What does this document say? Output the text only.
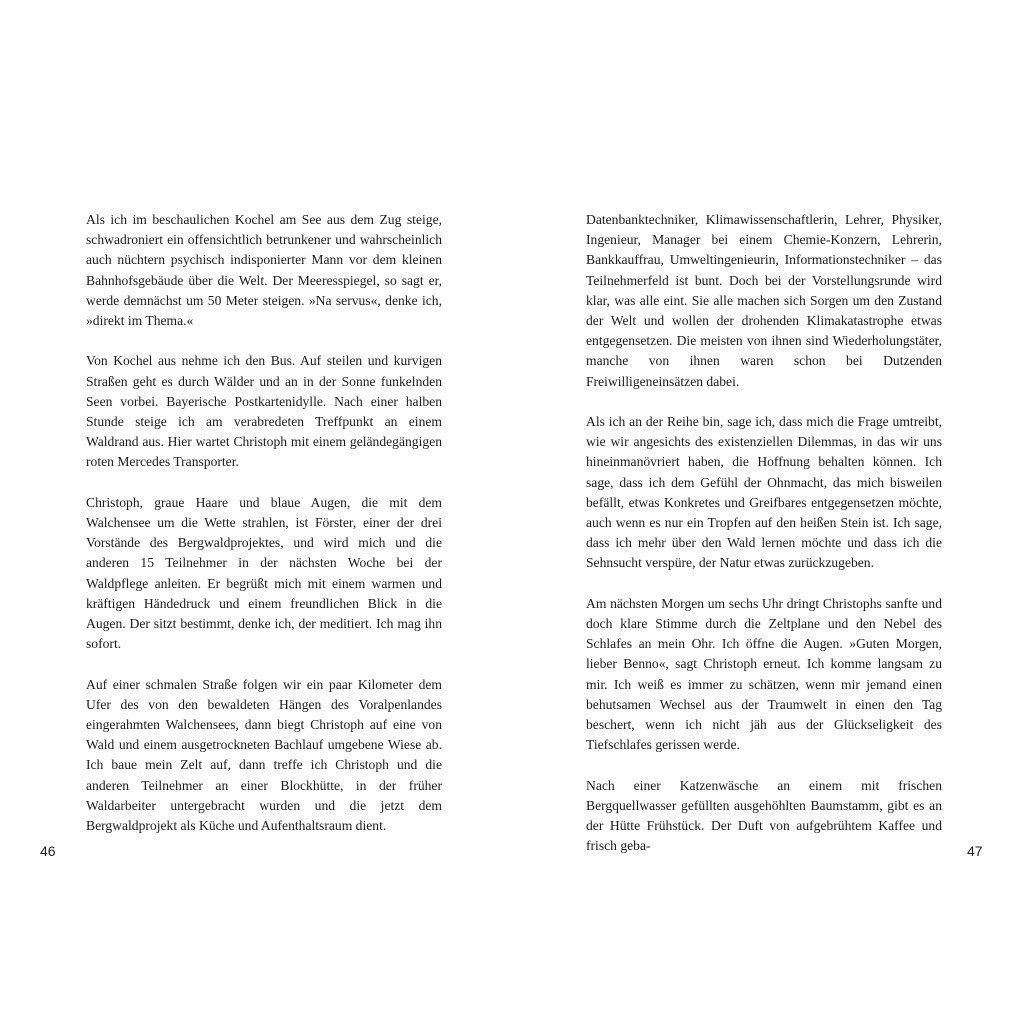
Als ich im beschaulichen Kochel am See aus dem Zug steige, schwadroniert ein offensichtlich betrunkener und wahrscheinlich auch nüchtern psychisch indisponierter Mann vor dem kleinen Bahnhofsgebäude über die Welt. Der Meeresspiegel, so sagt er, werde demnächst um 50 Meter steigen. »Na servus«, denke ich, »direkt im Thema.«

Von Kochel aus nehme ich den Bus. Auf steilen und kurvigen Straßen geht es durch Wälder und an in der Sonne funkelnden Seen vorbei. Bayerische Postkartenidylle. Nach einer halben Stunde steige ich am verabredeten Treffpunkt an einem Waldrand aus. Hier wartet Christoph mit einem geländegängigen roten Mercedes Transporter.

Christoph, graue Haare und blaue Augen, die mit dem Walchensee um die Wette strahlen, ist Förster, einer der drei Vorstände des Bergwaldprojektes, und wird mich und die anderen 15 Teilnehmer in der nächsten Woche bei der Waldpflege anleiten. Er begrüßt mich mit einem warmen und kräftigen Händedruck und einem freundlichen Blick in die Augen. Der sitzt bestimmt, denke ich, der meditiert. Ich mag ihn sofort.

Auf einer schmalen Straße folgen wir ein paar Kilometer dem Ufer des von den bewaldeten Hängen des Voralpenlandes eingerahmten Walchensees, dann biegt Christoph auf eine von Wald und einem ausgetrockneten Bachlauf umgebene Wiese ab. Ich baue mein Zelt auf, dann treffe ich Christoph und die anderen Teilnehmer an einer Blockhütte, in der früher Waldarbeiter untergebracht wurden und die jetzt dem Bergwaldprojekt als Küche und Aufenthaltsraum dient.

46

Datenbanktechniker, Klimawissenschaftlerin, Lehrer, Physiker, Ingenieur, Manager bei einem Chemie-Konzern, Lehrerin, Bankkauffrau, Umweltingenieurin, Informationstechniker – das Teilnehmerfeld ist bunt. Doch bei der Vorstellungsrunde wird klar, was alle eint. Sie alle machen sich Sorgen um den Zustand der Welt und wollen der drohenden Klimakatastrophe etwas entgegensetzen. Die meisten von ihnen sind Wiederholungstäter, manche von ihnen waren schon bei Dutzenden Freiwilligeneinsätzen dabei.

Als ich an der Reihe bin, sage ich, dass mich die Frage umtreibt, wie wir angesichts des existenziellen Dilemmas, in das wir uns hineinmanövriert haben, die Hoffnung behalten können. Ich sage, dass ich dem Gefühl der Ohnmacht, das mich bisweilen befällt, etwas Konkretes und Greifbares entgegensetzen möchte, auch wenn es nur ein Tropfen auf den heißen Stein ist. Ich sage, dass ich mehr über den Wald lernen möchte und dass ich die Sehnsucht verspüre, der Natur etwas zurückzugeben.

Am nächsten Morgen um sechs Uhr dringt Christophs sanfte und doch klare Stimme durch die Zeltplane und den Nebel des Schlafes an mein Ohr. Ich öffne die Augen. »Guten Morgen, lieber Benno«, sagt Christoph erneut. Ich komme langsam zu mir. Ich weiß es immer zu schätzen, wenn mir jemand einen behutsamen Wechsel aus der Traumwelt in einen den Tag beschert, wenn ich nicht jäh aus der Glückseligkeit des Tiefschlafes gerissen werde.

Nach einer Katzenwäsche an einem mit frischen Bergquellwasser gefüllten ausgehöhlten Baumstamm, gibt es an der Hütte Frühstück. Der Duft von aufgebrühtem Kaffee und frisch geba-	47
